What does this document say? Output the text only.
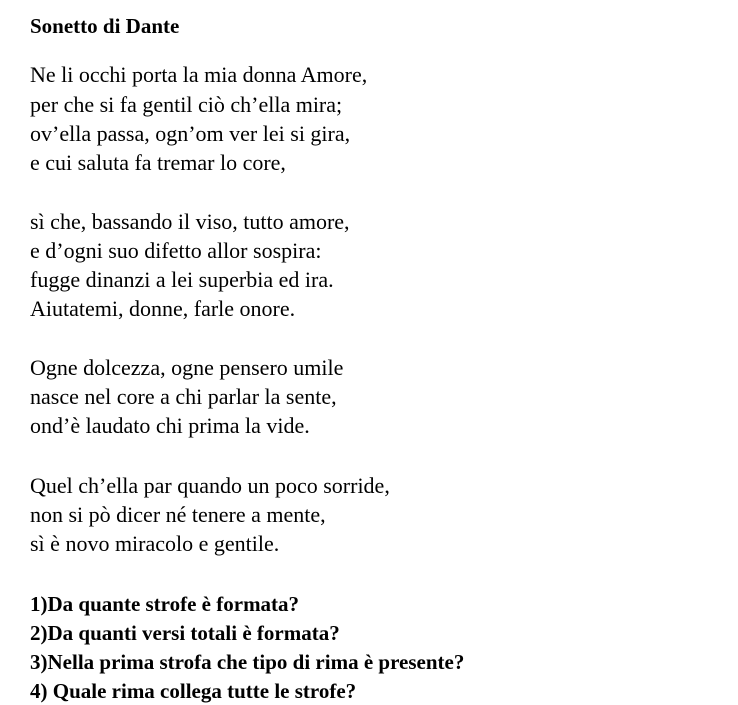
Sonetto di Dante
Ne li occhi porta la mia donna Amore,
per che si fa gentil ciò ch’ella mira;
ov’ella passa, ogn’om ver lei si gira,
e cui saluta fa tremar lo core,
sì che, bassando il viso, tutto amore,
e d’ogni suo difetto allor sospira:
fugge dinanzi a lei superbia ed ira.
Aiutatemi, donne, farle onore.
Ogne dolcezza, ogne pensero umile
nasce nel core a chi parlar la sente,
ond’è laudato chi prima la vide.
Quel ch’ella par quando un poco sorride,
non si pò dicer né tenere a mente,
sì è novo miracolo e gentile.
1)Da quante strofe è formata?
2)Da quanti versi totali è formata?
3)Nella prima strofa che tipo di rima è presente?
4) Quale rima collega tutte le strofe?
